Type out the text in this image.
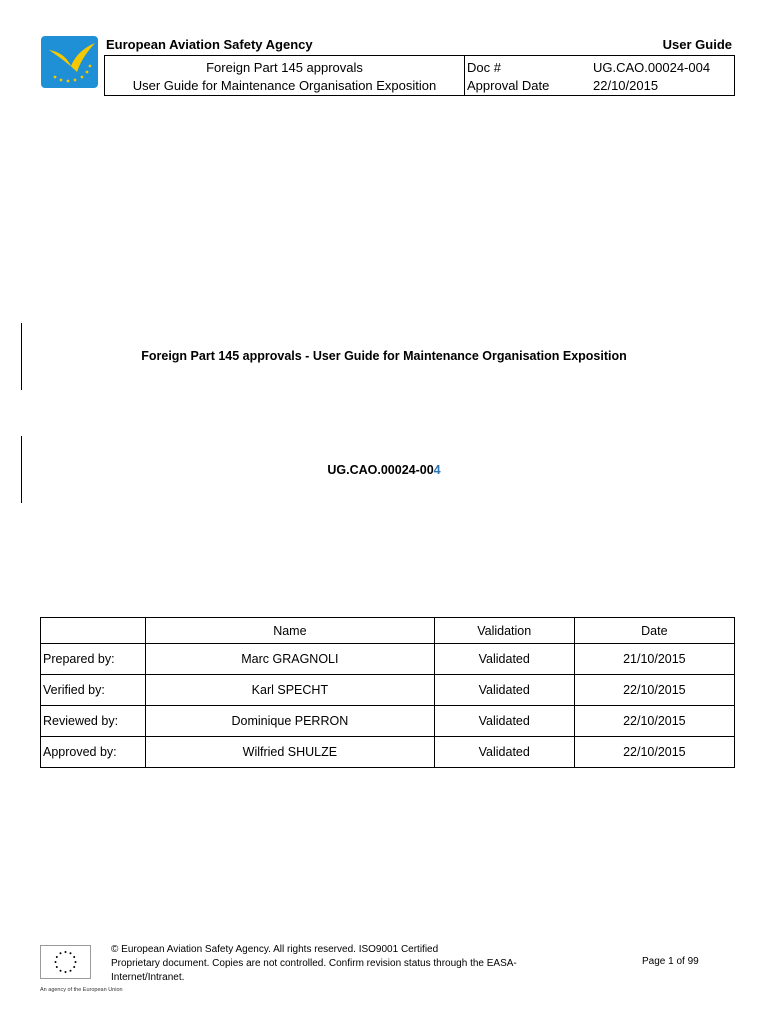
European Aviation Safety Agency	User Guide
Foreign Part 145 approvals
User Guide for Maintenance Organisation Exposition
Doc #	UG.CAO.00024-004
Approval Date	22/10/2015
Foreign Part 145 approvals - User Guide for Maintenance Organisation Exposition
UG.CAO.00024-004
	Name	Validation	Date
Prepared by:	Marc GRAGNOLI	Validated	21/10/2015
Verified by:	Karl SPECHT	Validated	22/10/2015
Reviewed by:	Dominique PERRON	Validated	22/10/2015
Approved by:	Wilfried SHULZE	Validated	22/10/2015
An agency of the European Union
© European Aviation Safety Agency. All rights reserved. ISO9001 Certified
Proprietary document. Copies are not controlled. Confirm revision status through the EASA-Internet/Intranet.
Page 1 of 99
